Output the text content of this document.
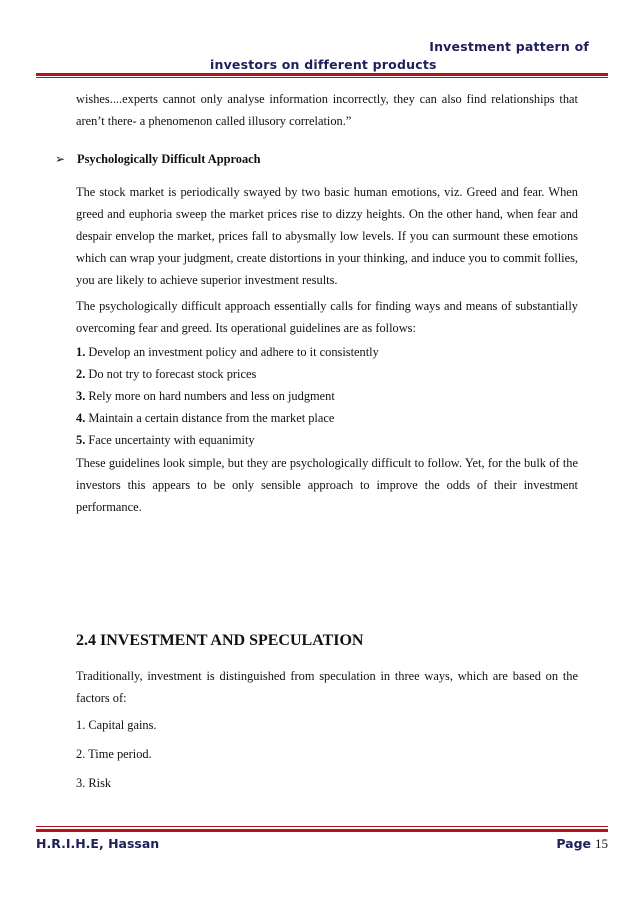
Investment pattern of
investors on different products

wishes....experts cannot only analyse information incorrectly, they can also find relationships that aren’t there- a phenomenon called illusory correlation.”

➢ Psychologically Difficult Approach

The stock market is periodically swayed by two basic human emotions, viz. Greed and fear. When greed and euphoria sweep the market prices rise to dizzy heights. On the other hand, when fear and despair envelop the market, prices fall to abysmally low levels. If you can surmount these emotions which can wrap your judgment, create distortions in your thinking, and induce you to commit follies, you are likely to achieve superior investment results.

The psychologically difficult approach essentially calls for finding ways and means of substantially overcoming fear and greed. Its operational guidelines are as follows:

1. Develop an investment policy and adhere to it consistently
2. Do not try to forecast stock prices
3. Rely more on hard numbers and less on judgment
4. Maintain a certain distance from the market place
5. Face uncertainty with equanimity

These guidelines look simple, but they are psychologically difficult to follow. Yet, for the bulk of the investors this appears to be only sensible approach to improve the odds of their investment performance.

2.4 INVESTMENT AND SPECULATION

Traditionally, investment is distinguished from speculation in three ways, which are based on the factors of:

1. Capital gains.
2. Time period.
3. Risk
H.R.I.H.E, Hassan	Page 15
